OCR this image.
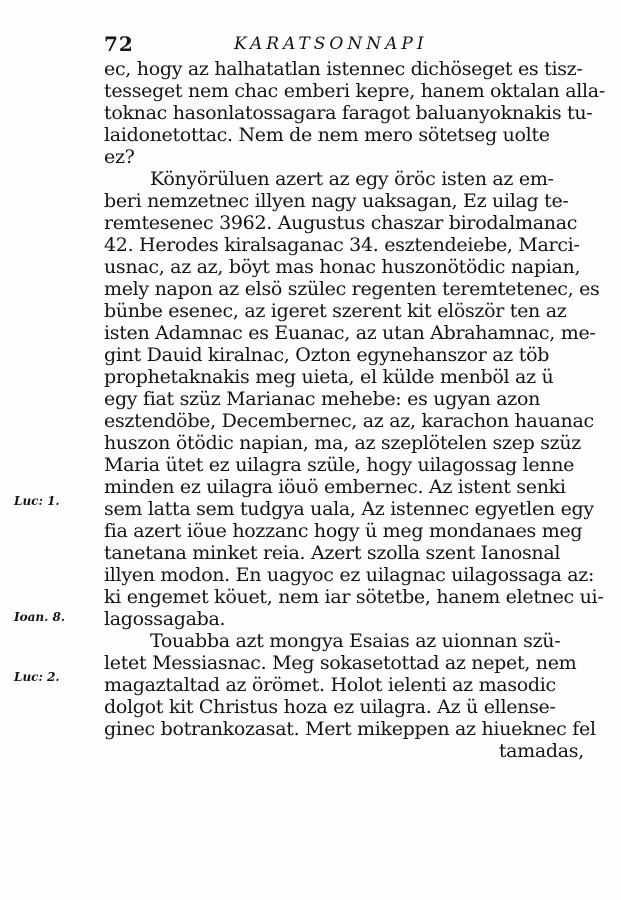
72	KARATSONNAPI
Luc: 1.
Ioan. 8.
Luc: 2.
ec, hogy az halhatatlan istennec dichöseget es tisz-
tesseget nem chac emberi kepre, hanem oktalan alla-
toknac hasonlatossagara faragot baluanyoknakis tu-
laidonetottac. Nem de nem mero sötetseg uolte
ez?
Könyörüluen azert az egy öröc isten az em-
beri nemzetnec illyen nagy uaksagan, Ez uilag te-
remtesenec 3962. Augustus chaszar birodalmanac
42. Herodes kiralsaganac 34. esztendeiebe, Marci-
usnac, az az, böyt mas honac huszonötödic napian,
mely napon az elsö szülec regenten teremtetenec, es
bünbe esenec, az igeret szerent kit elöször ten az
isten Adamnac es Euanac, az utan Abrahamnac, me-
gint Dauid kiralnac, Ozton egynehanszor az töb
prophetaknakis meg uieta, el külde menböl az ü
egy fiat szüz Marianac mehebe: es ugyan azon
esztendöbe, Decembernec, az az, karachon hauanac
huszon ötödic napian, ma, az szeplötelen szep szüz
Maria ütet ez uilagra szüle, hogy uilagossag lenne
minden ez uilagra iöuö embernec. Az istent senki
sem latta sem tudgya uala, Az istennec egyetlen egy
fia azert iöue hozzanc hogy ü meg mondanaes meg
tanetana minket reia. Azert szolla szent Ianosnal
illyen modon. En uagyoc ez uilagnac uilagossaga az:
ki engemet köuet, nem iar sötetbe, hanem eletnec ui-
lagossagaba.
Touabba azt mongya Esaias az uionnan szü-
letet Messiasnac. Meg sokasetottad az nepet, nem
magaztaltad az örömet. Holot ielenti az masodic
dolgot kit Christus hoza ez uilagra. Az ü ellense-
ginec botrankozasat. Mert mikeppen az hiueknec fel
tamadas,
